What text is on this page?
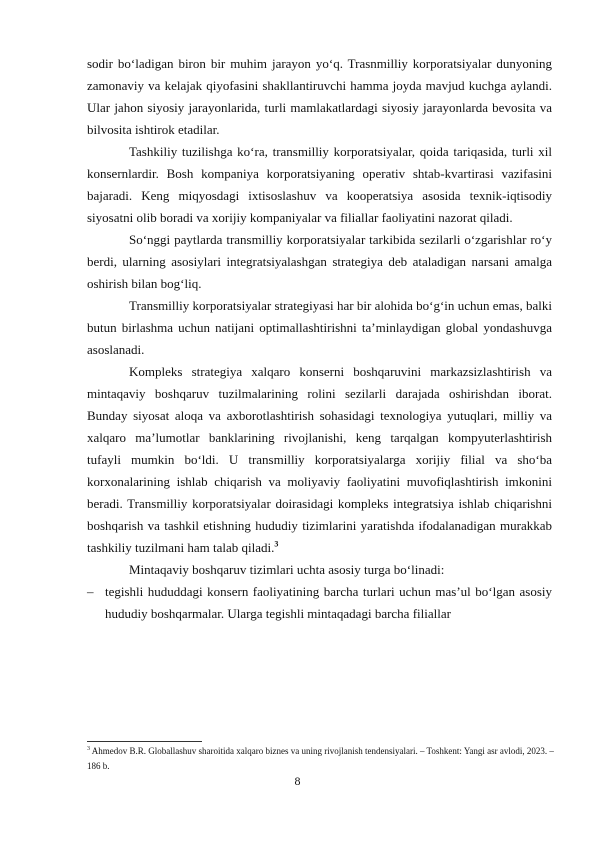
sodir bo‘ladigan biron bir muhim jarayon yo‘q. Trasnmilliy korporatsiyalar dunyoning zamonaviy va kelajak qiyofasini shakllantiruvchi hamma joyda mavjud kuchga aylandi. Ular jahon siyosiy jarayonlarida, turli mamlakatlardagi siyosiy jarayonlarda bevosita va bilvosita ishtirok etadilar.

Tashkiliy tuzilishga ko‘ra, transmilliy korporatsiyalar, qoida tariqasida, turli xil konsernlardir. Bosh kompaniya korporatsiyaning operativ shtab-kvartirasi vazifasini bajaradi. Keng miqyosdagi ixtisoslashuv va kooperatsiya asosida texnik-iqtisodiy siyosatni olib boradi va xorijiy kompaniyalar va filiallar faoliyatini nazorat qiladi.

So‘nggi paytlarda transmilliy korporatsiyalar tarkibida sezilarli o‘zgarishlar ro‘y berdi, ularning asosiylari integratsiyalashgan strategiya deb ataladigan narsani amalga oshirish bilan bog‘liq.

Transmilliy korporatsiyalar strategiyasi har bir alohida bo‘g‘in uchun emas, balki butun birlashma uchun natijani optimallashtirishni ta’minlaydigan global yondashuvga asoslanadi.

Kompleks strategiya xalqaro konserni boshqaruvini markazsizlashtirish va mintaqaviy boshqaruv tuzilmalarining rolini sezilarli darajada oshirishdan iborat. Bunday siyosat aloqa va axborotlashtirish sohasidagi texnologiya yutuqlari, milliy va xalqaro ma’lumotlar banklarining rivojlanishi, keng tarqalgan kompyuterlashtirish tufayli mumkin bo‘ldi. U transmilliy korporatsiyalarga xorijiy filial va sho‘ba korxonalarining ishlab chiqarish va moliyaviy faoliyatini muvofiqlashtirish imkonini beradi. Transmilliy korporatsiyalar doirasidagi kompleks integratsiya ishlab chiqarishni boshqarish va tashkil etishning hududiy tizimlarini yaratishda ifodalanadigan murakkab tashkiliy tuzilmani ham talab qiladi.$^3$

Mintaqaviy boshqaruv tizimlari uchta asosiy turga bo‘linadi:

– tegishli hududdagi konsern faoliyatining barcha turlari uchun mas’ul bo‘lgan asosiy hududiy boshqarmalar. Ularga tegishli mintaqadagi barcha filiallar

$^3$ Ahmedov B.R. Globallashuv sharoitida xalqaro biznes va uning rivojlanish tendensiyalari. – Toshkent: Yangi asr avlodi, 2023. – 186 b.

8
